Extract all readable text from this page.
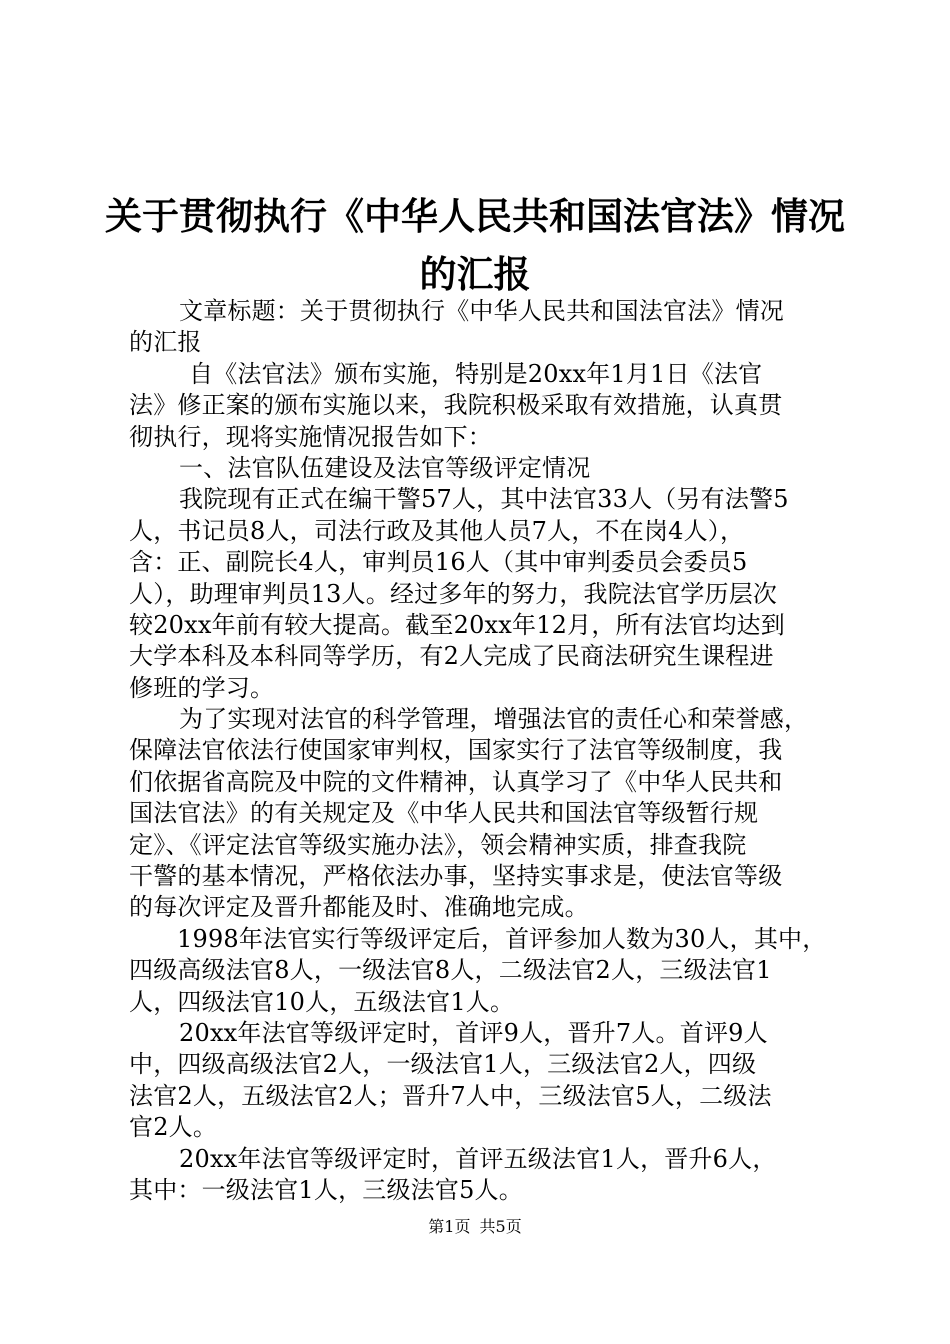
关于贯彻执行《中华人民共和国法官法》情况
的汇报
文章标题：关于贯彻执行《中华人民共和国法官法》情况
的汇报
自《法官法》颁布实施，特别是20xx年1月1日《法官
法》修正案的颁布实施以来，我院积极采取有效措施，认真贯
彻执行，现将实施情况报告如下：
一、法官队伍建设及法官等级评定情况
我院现有正式在编干警57人，其中法官33人（另有法警5
人，书记员8人，司法行政及其他人员7人，不在岗4人），
含：正、副院长4人，审判员16人（其中审判委员会委员5
人），助理审判员13人。经过多年的努力，我院法官学历层次
较20xx年前有较大提高。截至20xx年12月，所有法官均达到
大学本科及本科同等学历，有2人完成了民商法研究生课程进
修班的学习。
为了实现对法官的科学管理，增强法官的责任心和荣誉感，
保障法官依法行使国家审判权，国家实行了法官等级制度，我
们依据省高院及中院的文件精神，认真学习了《中华人民共和
国法官法》的有关规定及《中华人民共和国法官等级暂行规
定》、《评定法官等级实施办法》，领会精神实质，排查我院
干警的基本情况，严格依法办事，坚持实事求是，使法官等级
的每次评定及晋升都能及时、准确地完成。
1998年法官实行等级评定后，首评参加人数为30人，其中，
四级高级法官8人，一级法官8人，二级法官2人，三级法官1
人，四级法官10人，五级法官1人。
20xx年法官等级评定时，首评9人，晋升7人。首评9人
中，四级高级法官2人，一级法官1人，三级法官2人，四级
法官2人，五级法官2人；晋升7人中，三级法官5人，二级法
官2人。
20xx年法官等级评定时，首评五级法官1人，晋升6人，
其中：一级法官1人，三级法官5人。
第1页 共5页
